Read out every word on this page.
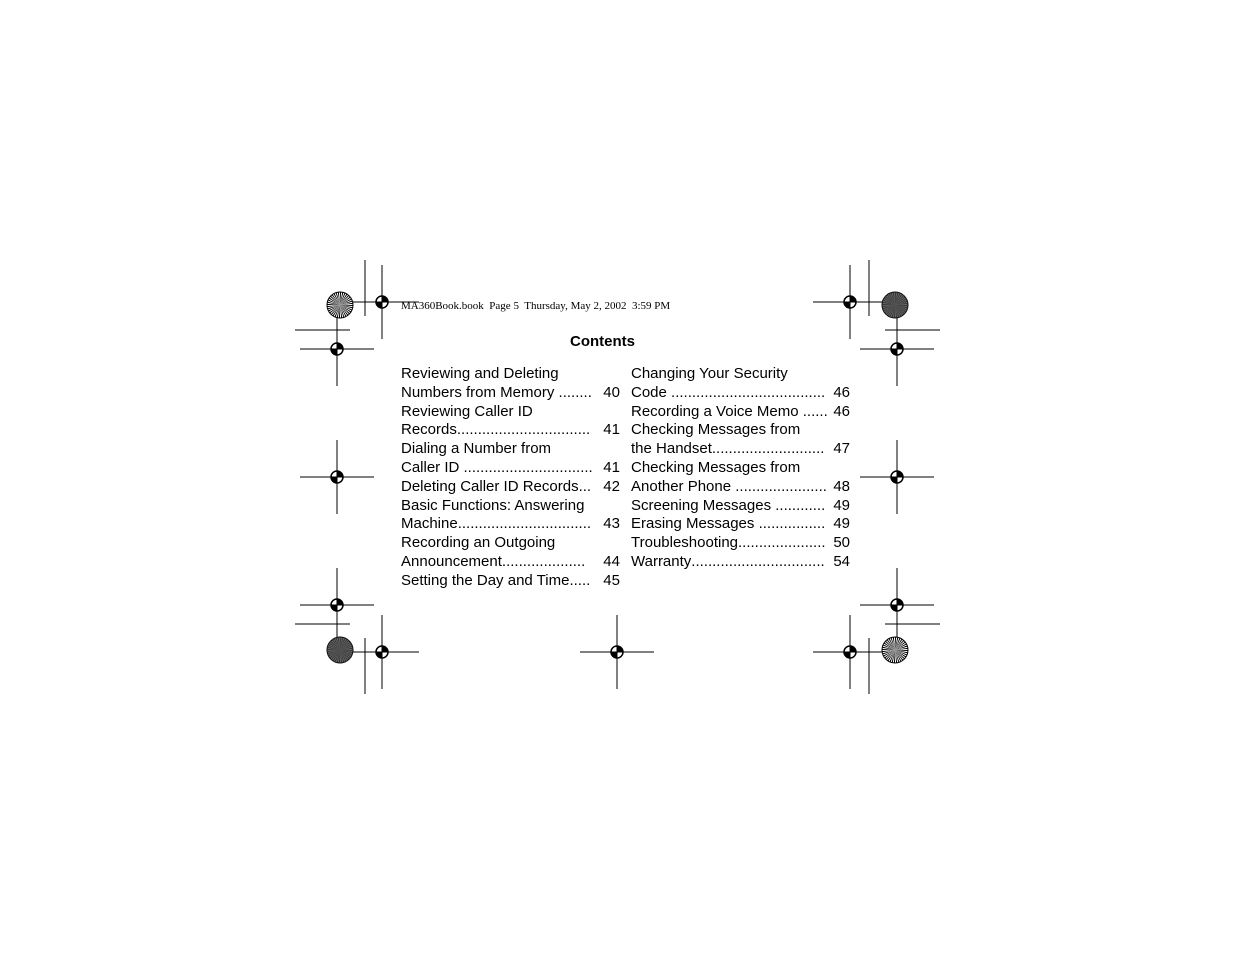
MA360Book.book  Page 5  Thursday, May 2, 2002  3:59 PM
Contents
Reviewing and Deleting
Numbers from Memory ........ 40
Reviewing Caller ID
Records ................................ 41
Dialing a Number from
Caller ID ............................... 41
Deleting Caller ID Records ... 42
Basic Functions: Answering
Machine ................................ 43
Recording an Outgoing
Announcement .................... 44
Setting the Day and Time ..... 45
Changing Your Security
Code ..................................... 46
Recording a Voice Memo ...... 46
Checking Messages from
the Handset ........................... 47
Checking Messages from
Another Phone ...................... 48
Screening Messages ............ 49
Erasing Messages ................ 49
Troubleshooting ..................... 50
Warranty ................................ 54
